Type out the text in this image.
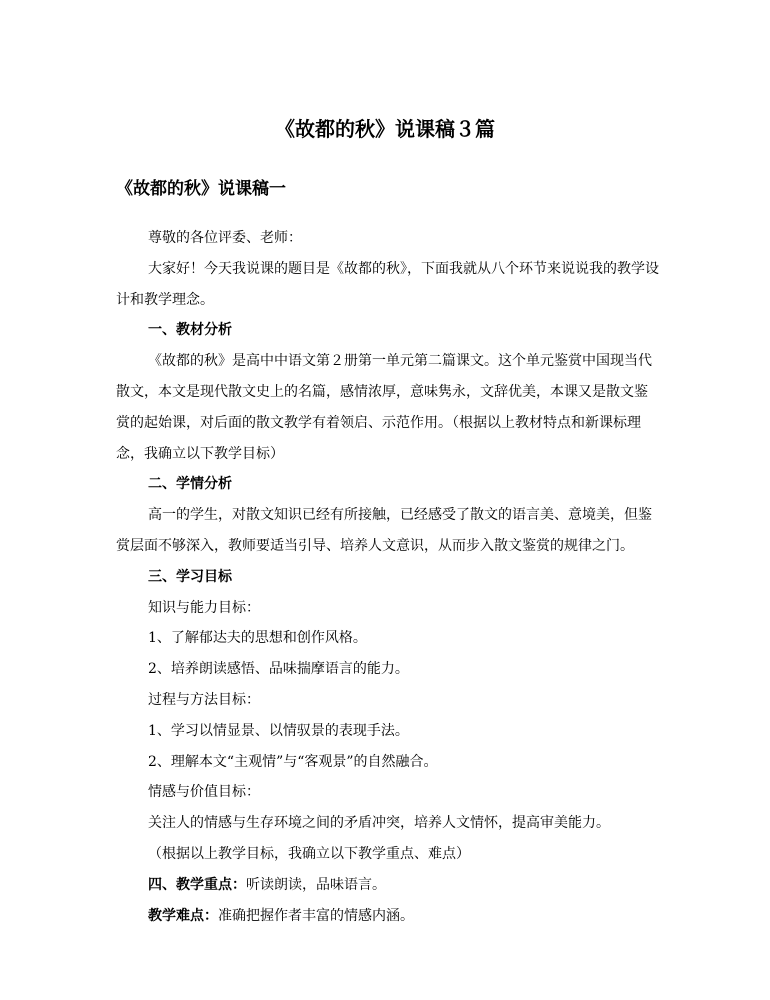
《故都的秋》说课稿３篇
《故都的秋》说课稿一

尊敬的各位评委、老师：

大家好！今天我说课的题目是《故都的秋》，下面我就从八个环节来说说我的教学设计和教学理念。

一、教材分析

《故都的秋》是高中中语文第２册第一单元第二篇课文。这个单元鉴赏中国现当代散文，本文是现代散文史上的名篇，感情浓厚，意味隽永，文辞优美，本课又是散文鉴赏的起始课，对后面的散文教学有着领启、示范作用。（根据以上教材特点和新课标理念，我确立以下教学目标）

二、学情分析

高一的学生，对散文知识已经有所接触，已经感受了散文的语言美、意境美，但鉴赏层面不够深入，教师要适当引导、培养人文意识，从而步入散文鉴赏的规律之门。

三、学习目标

知识与能力目标：

1、了解郁达夫的思想和创作风格。

2、培养朗读感悟、品味揣摩语言的能力。

过程与方法目标：

1、学习以情显景、以情驭景的表现手法。

2、理解本文“主观情”与“客观景”的自然融合。

情感与价值目标：

关注人的情感与生存环境之间的矛盾冲突，培养人文情怀，提高审美能力。

（根据以上教学目标，我确立以下教学重点、难点）

四、教学重点：听读朗读，品味语言。

教学难点：准确把握作者丰富的情感内涵。
